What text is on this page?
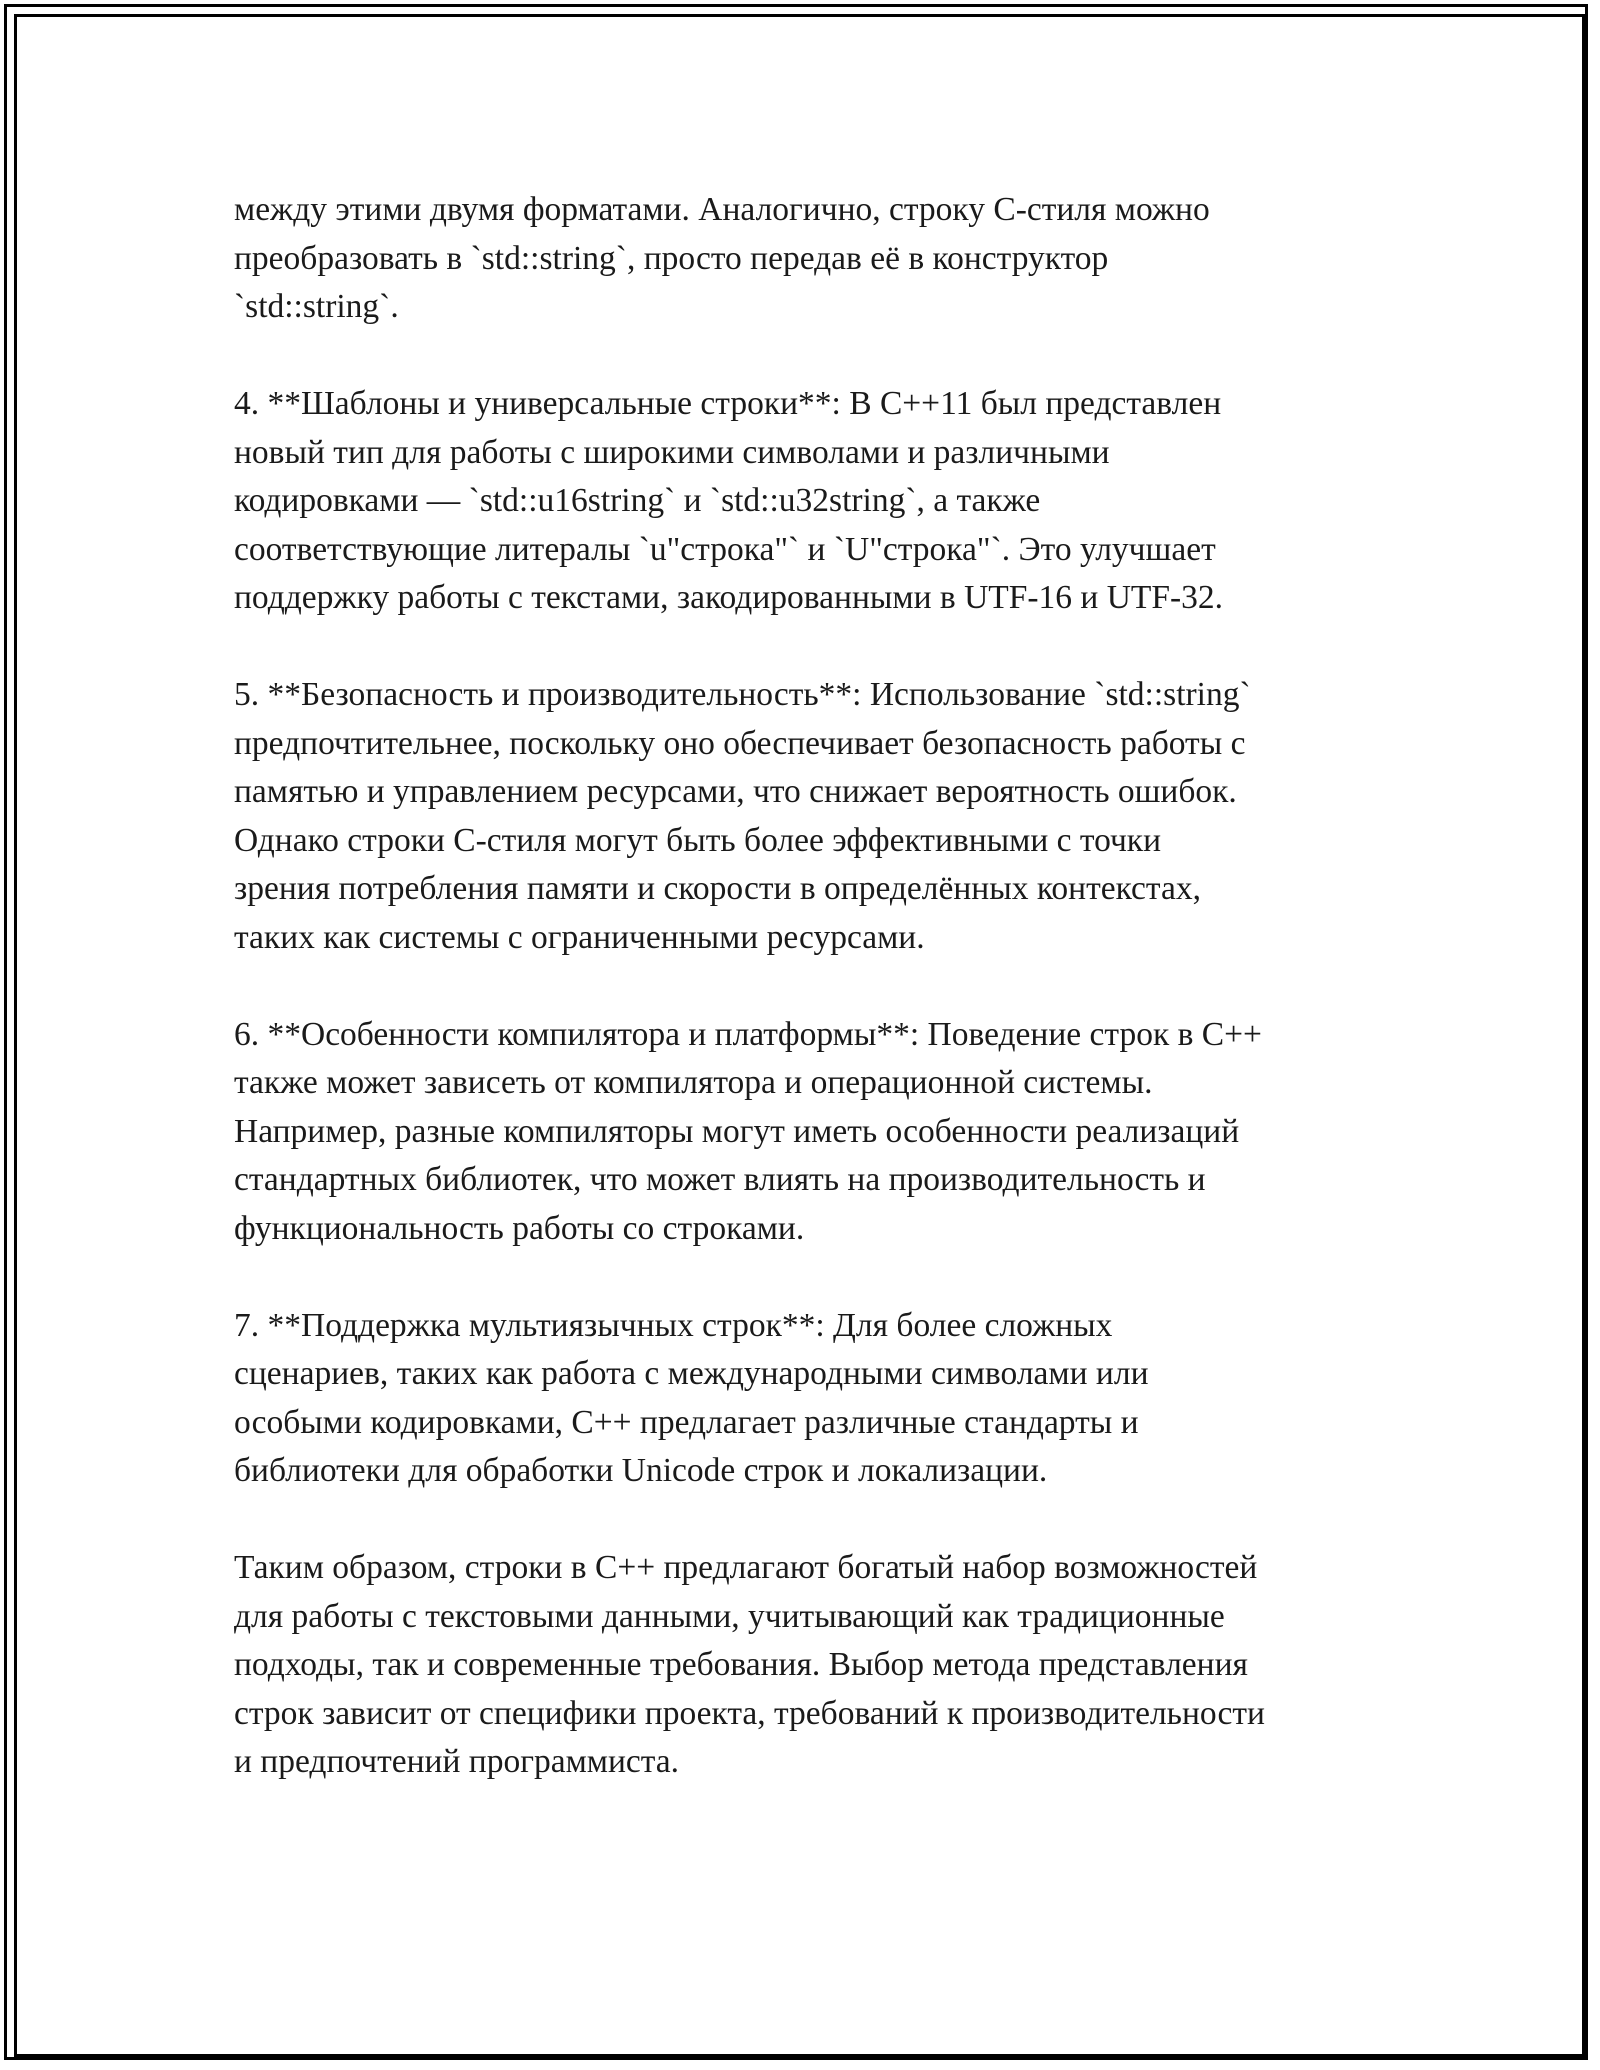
между этими двумя форматами. Аналогично, строку C-стиля можно
преобразовать в `std::string`, просто передав её в конструктор
`std::string`.

4. **Шаблоны и универсальные строки**: В C++11 был представлен
новый тип для работы с широкими символами и различными
кодировками — `std::u16string` и `std::u32string`, а также
соответствующие литералы `u"строка"` и `U"строка"`. Это улучшает
поддержку работы с текстами, закодированными в UTF-16 и UTF-32.

5. **Безопасность и производительность**: Использование `std::string`
предпочтительнее, поскольку оно обеспечивает безопасность работы с
памятью и управлением ресурсами, что снижает вероятность ошибок.
Однако строки C-стиля могут быть более эффективными с точки
зрения потребления памяти и скорости в определённых контекстах,
таких как системы с ограниченными ресурсами.

6. **Особенности компилятора и платформы**: Поведение строк в C++
также может зависеть от компилятора и операционной системы.
Например, разные компиляторы могут иметь особенности реализаций
стандартных библиотек, что может влиять на производительность и
функциональность работы со строками.

7. **Поддержка мультиязычных строк**: Для более сложных
сценариев, таких как работа с международными символами или
особыми кодировками, C++ предлагает различные стандарты и
библиотеки для обработки Unicode строк и локализации.

Таким образом, строки в C++ предлагают богатый набор возможностей
для работы с текстовыми данными, учитывающий как традиционные
подходы, так и современные требования. Выбор метода представления
строк зависит от специфики проекта, требований к производительности
и предпочтений программиста.
